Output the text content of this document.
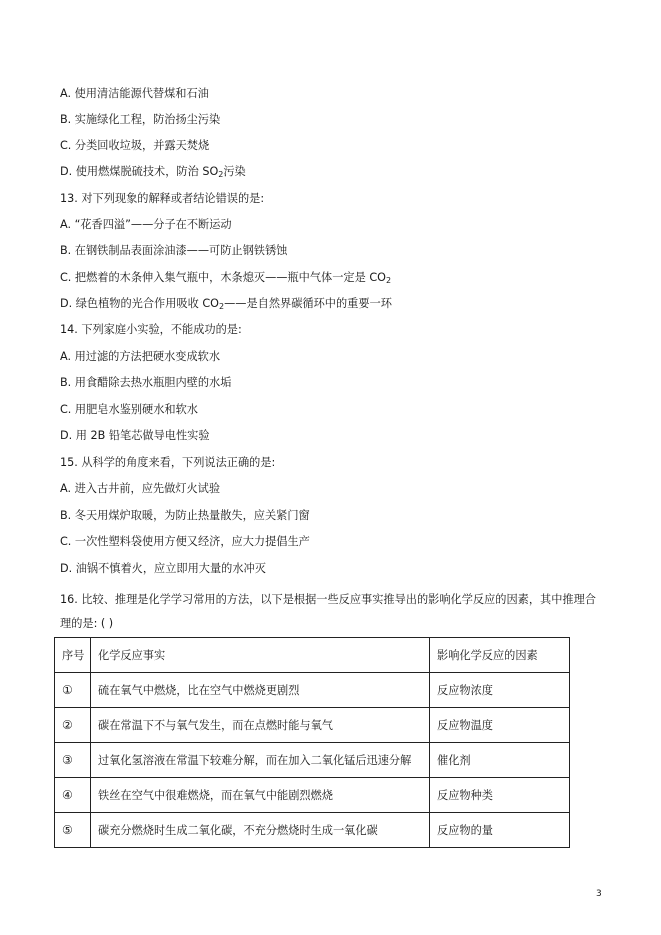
A. 使用清洁能源代替煤和石油
B. 实施绿化工程，防治扬尘污染
C. 分类回收垃圾，并露天焚烧
D. 使用燃煤脱硫技术，防治 $SO_2$污染
13. 对下列现象的解释或者结论错误的是:
A. “花香四溢”——分子在不断运动
B. 在钢铁制品表面涂油漆——可防止钢铁锈蚀
C. 把燃着的木条伸入集气瓶中，木条熄灭——瓶中气体一定是 $CO_2$
D. 绿色植物的光合作用吸收 $CO_2——$是自然界碳循环中的重要一环
14. 下列家庭小实验，不能成功的是:
A. 用过滤的方法把硬水变成软水
B. 用食醋除去热水瓶胆内壁的水垢
C. 用肥皂水鉴别硬水和软水
D. 用 2B 铅笔芯做导电性实验
15. 从科学的角度来看，下列说法正确的是:
A. 进入古井前，应先做灯火试验
B. 冬天用煤炉取暖，为防止热量散失，应关紧门窗
C. 一次性塑料袋使用方便又经济，应大力提倡生产
D. 油锅不慎着火，应立即用大量的水冲灭
16. 比较、推理是化学学习常用的方法，以下是根据一些反应事实推导出的影响化学反应的因素，其中推理合理的是: ( )
序号	化学反应事实	影响化学反应的因素
①	硫在氧气中燃烧，比在空气中燃烧更剧烈	反应物浓度
②	碳在常温下不与氧气发生，而在点燃时能与氧气	反应物温度
③	过氧化氢溶液在常温下较难分解，而在加入二氧化锰后迅速分解	催化剂
④	铁丝在空气中很难燃烧，而在氧气中能剧烈燃烧	反应物种类
⑤	碳充分燃烧时生成二氧化碳，不充分燃烧时生成一氧化碳	反应物的量
3
